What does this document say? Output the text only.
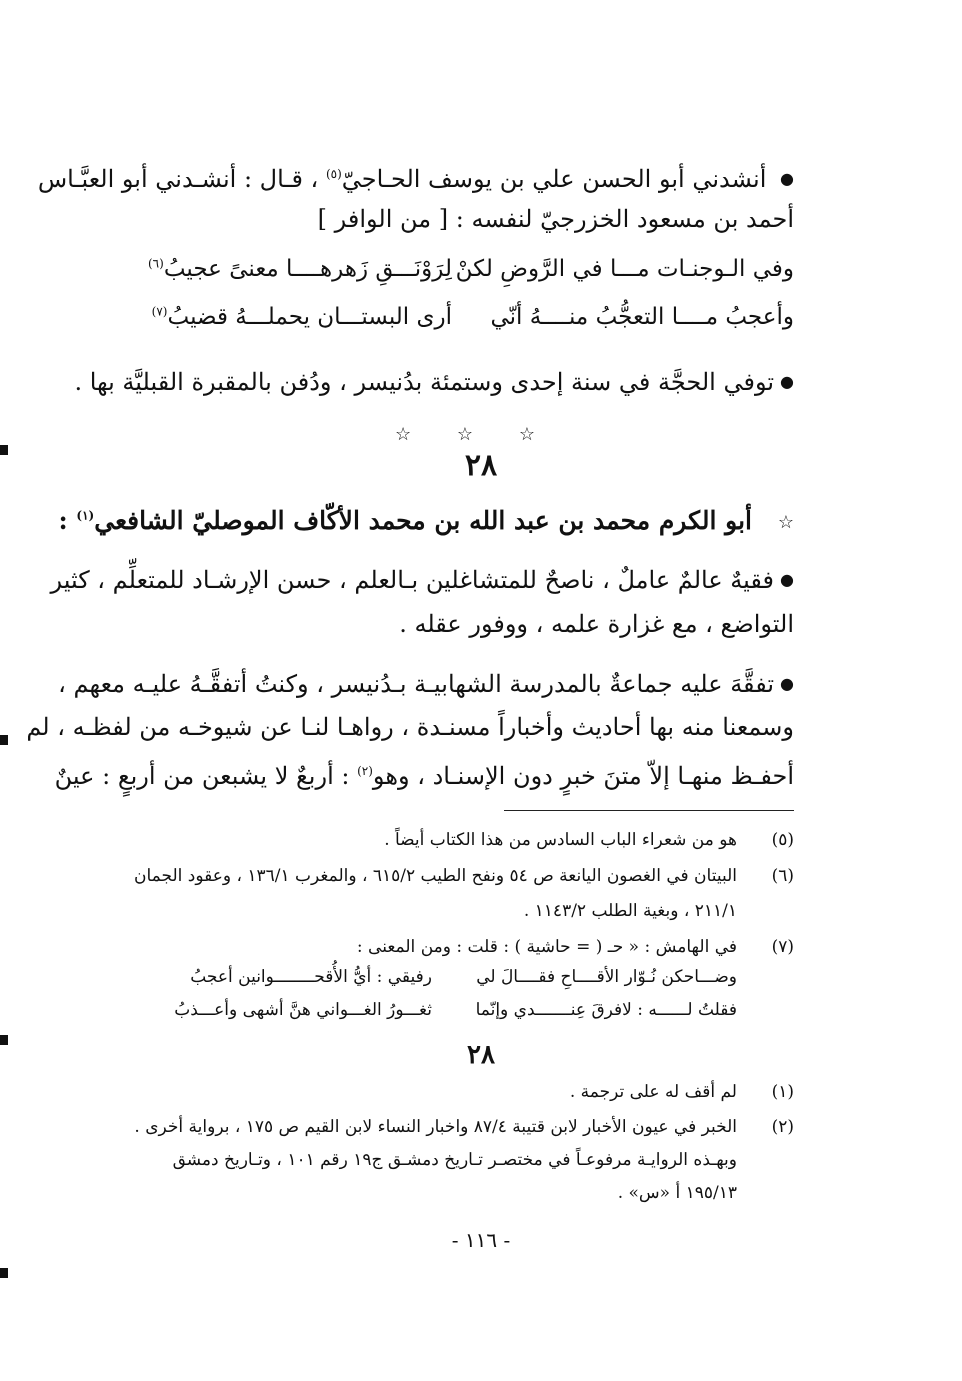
● أنشدني أبو الحسن علي بن يوسف الحـاجيّ$^{(٥)}$ ، قـال : أنشـدني أبو العبَّـاس
أحمد بن مسعود الخزرجيّ لنفسه : [ من الوافر ]
وفي الـوجنـات مـــا في الرَّوضِ لكنْ
لِرَوْنَـــقِ زَهرهــــا معنىً عجيبُ$^{(٦)}$
وأعجبُ مــــا التعجُّبُ منــــهُ أنّي
أرى البستـــان يحملـــهُ قضيبُ$^{(٧)}$
● توفي الحجَّة في سنة إحدى وستمئة بدُنيسر ، ودُفن بالمقبرة القبليَّة بها .
☆	☆	☆
٢٨
☆
أبو الكرم محمد بن عبد الله بن محمد الأكّاف الموصليّ الشافعي$^{(١)}$ :
● فقيهٌ عالمٌ عاملٌ ، ناصحٌ للمتشاغلين بـالعلم ، حسن الإرشـاد للمتعلِّم ، كثير
التواضع ، مع غزارة علمه ، ووفور عقله .
● تفقَّهَ عليه جماعةٌ بالمدرسة الشهابيـة بـدُنيسر ، وكنتُ أتفقَّـهُ عليـه معهم ،
وسمعنا منه بها أحاديث وأخباراً مسنـدة ، رواهـا لنـا عن شيوخـه من لفظـه ، لم
أحفـظ منهـا إلاّ متنَ خبرٍ دون الإسنـاد ، وهو$^{(٢)}$ : أربعٌ لا يشبعن من أربعٍ : عينٌ
(٥)
هو من شعراء الباب السادس من هذا الكتاب أيضاً .
(٦)
البيتان في الغصون اليانعة ص ٥٤ ونفح الطيب ٦١٥/٢ ، والمغرب ١٣٦/١ ، وعقود الجمان
٢١١/١ ، وبغية الطلب ١١٤٣/٢ .
(٧)
في الهامش : « حـ ( = حاشية ) : قلت : ومن المعنى :
وضـــاحكن نُـوّار الأقــــاحِ فقــــالَ لي
رفيقي : أيُّ الأُقحــــــــوانين أعجبُ
فقلتُ لــــــه : لافرقَ عِنـــــــدي وإنّما
ثغـــورُ الغـــواني هنَّ أشهى وأعـــذبُ
٢٨
(١)
لم أقف له على ترجمة .
(٢)
الخبر في عيون الأخبار لابن قتيبة ٨٧/٤ واخبار النساء لابن القيم ص ١٧٥ ، برواية أخرى .
وبهـذه الروايـة مرفوعـاً في مختصـر تـاريخ دمشـق ج١٩ رقم ١٠١ ، وتـاريخ دمشق
١٩٥/١٣ أ «س» .
- ١١٦ -
